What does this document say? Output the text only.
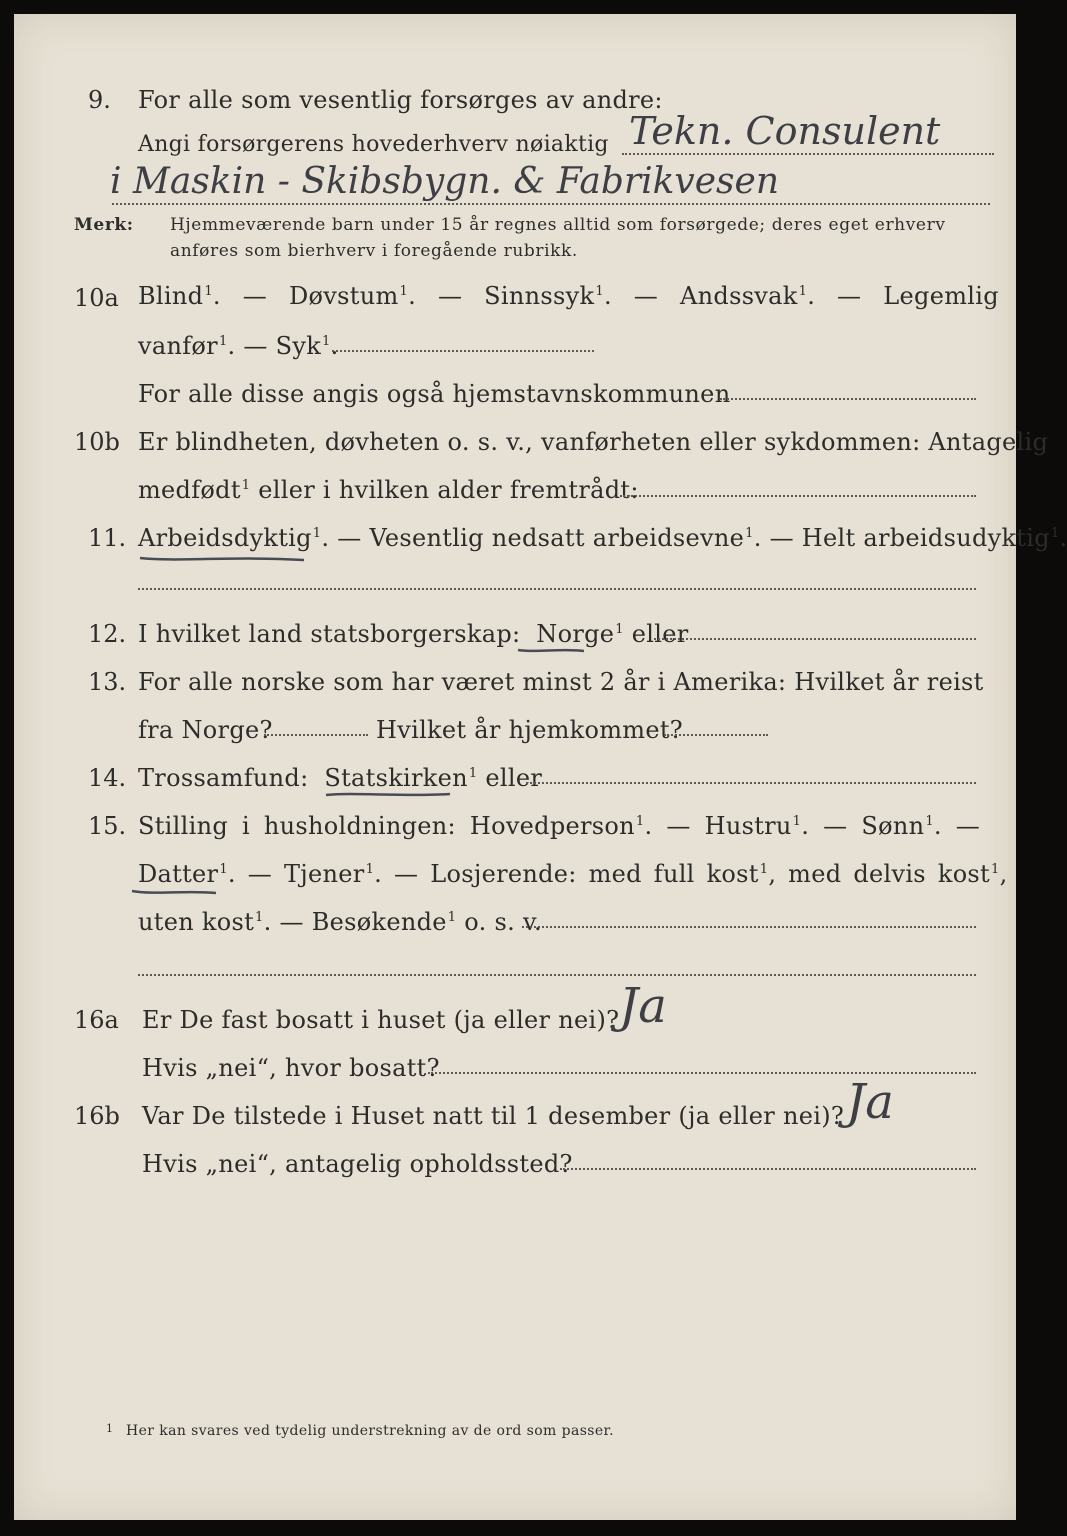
9. For alle som vesentlig forsørges av andre:
Angi forsørgerens hovederhverv nøiaktig Tekn. Consulent
i Maskin - Skibsbygn. & Fabrikvesen
Merk: Hjemmeværende barn under 15 år regnes alltid som forsørgede; deres eget erhverv
anføres som bierhverv i foregående rubrikk.
10a Blind$^1$. — Døvstum$^1$. — Sinnssyk$^1$. — Andssvak$^1$. — Legemlig
vanfør$^1$. — Syk$^1$.
For alle disse angis også hjemstavnskommunen
10b Er blindheten, døvheten o. s. v., vanførheten eller sykdommen: Antagelig
medfødt$^1$ eller i hvilken alder fremtrådt:
11. Arbeidsdyktig$^1$. — Vesentlig nedsatt arbeidsevne$^1$. — Helt arbeidsudyktig$^1$.
12. I hvilket land statsborgerskap: Norge$^1$ eller
13. For alle norske som har været minst 2 år i Amerika: Hvilket år reist
fra Norge?	Hvilket år hjemkommet?
14. Trossamfund: Statskirken$^1$ eller
15. Stilling i husholdningen: Hovedperson$^1$. — Hustru$^1$. — Sønn$^1$. —
Datter$^1$. — Tjener$^1$. — Losjerende: med full kost$^1$, med delvis kost$^1$,
uten kost$^1$. — Besøkende$^1$ o. s. v.
16a Er De fast bosatt i huset (ja eller nei)? Ja
Hvis „nei“, hvor bosatt?
16b Var De tilstede i Huset natt til 1 desember (ja eller nei)? Ja
Hvis „nei“, antagelig opholdssted?
1 Her kan svares ved tydelig understrekning av de ord som passer.
